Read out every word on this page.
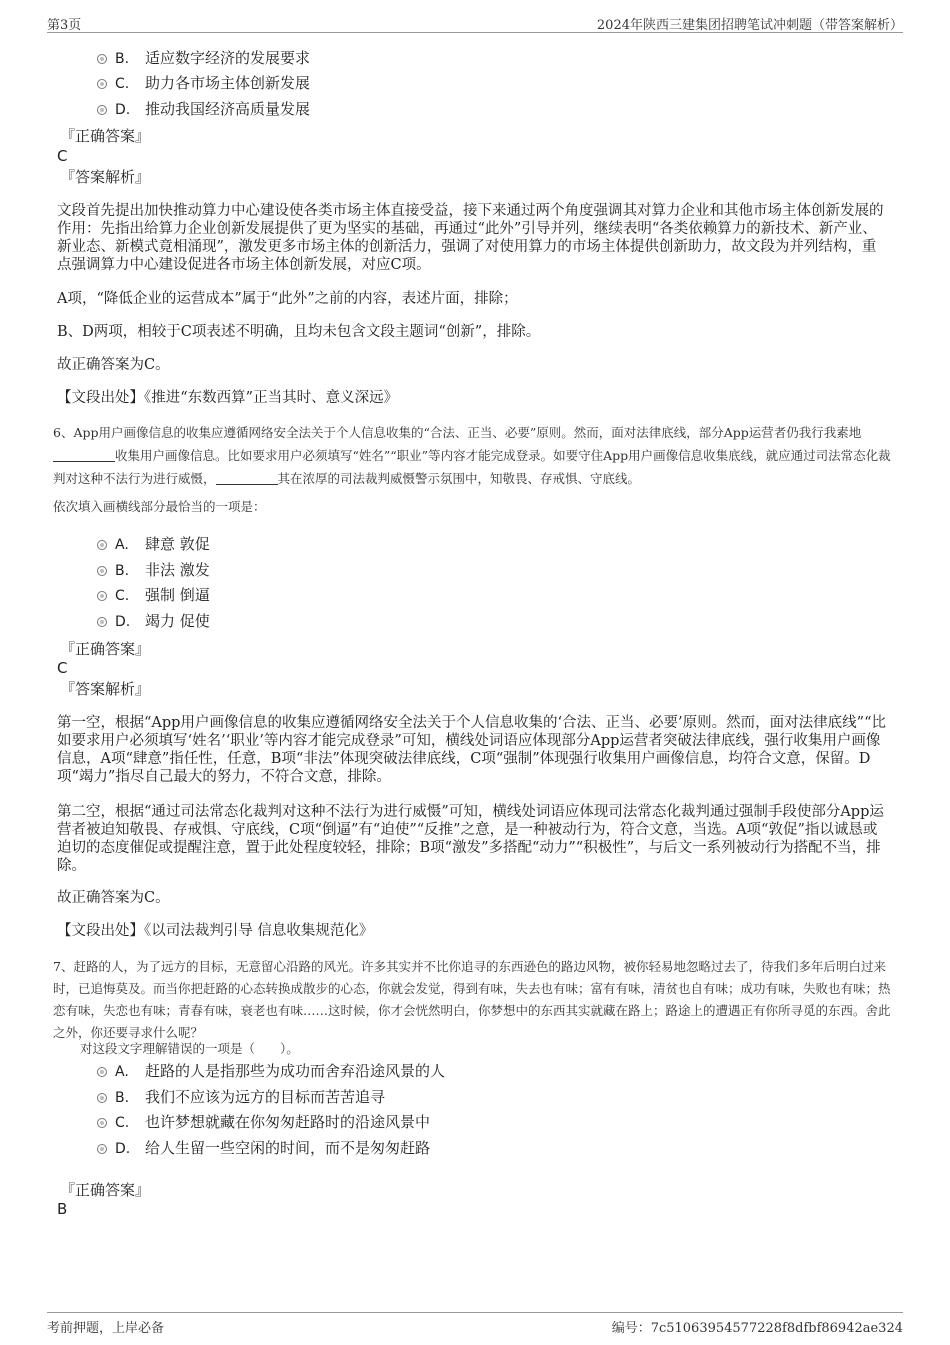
第3页	2024年陕西三建集团招聘笔试冲刺题（带答案解析）
B. 适应数字经济的发展要求
C. 助力各市场主体创新发展
D. 推动我国经济高质量发展
『正确答案』
C
『答案解析』
文段首先提出加快推动算力中心建设使各类市场主体直接受益，接下来通过两个角度强调其对算力企业和其他市场主体创新发展的作用：先指出给算力企业创新发展提供了更为坚实的基础，再通过“此外”引导并列，继续表明“各类依赖算力的新技术、新产业、新业态、新模式竟相涌现”，激发更多市场主体的创新活力，强调了对使用算力的市场主体提供创新助力，故文段为并列结构，重点强调算力中心建设促进各市场主体创新发展，对应C项。
A项，“降低企业的运营成本”属于“此外”之前的内容，表述片面，排除；
B、D两项，相较于C项表述不明确，且均未包含文段主题词“创新”，排除。
故正确答案为C。
【文段出处】《推进“东数西算”正当其时、意义深远》
6、App用户画像信息的收集应遵循网络安全法关于个人信息收集的“合法、正当、必要”原则。然而，面对法律底线，部分App运营者仍我行我素地收集用户画像信息。比如要求用户必须填写“姓名”“职业”等内容才能完成登录。如要守住App用户画像信息收集底线，就应通过司法常态化裁判对这种不法行为进行威慑，	其在浓厚的司法裁判威慑警示氛围中，知敬畏、存戒惧、守底线。
依次填入画横线部分最恰当的一项是：
A. 肆意 敦促
B. 非法 激发
C. 强制 倒逼
D. 竭力 促使
『正确答案』
C
『答案解析』
第一空，根据“App用户画像信息的收集应遵循网络安全法关于个人信息收集的‘合法、正当、必要’原则。然而，面对法律底线”“比如要求用户必须填写‘姓名’‘职业’等内容才能完成登录”可知，横线处词语应体现部分App运营者突破法律底线，强行收集用户画像信息，A项“肆意”指任性，任意，B项“非法”体现突破法律底线，C项“强制”体现强行收集用户画像信息，均符合文意，保留。D项“竭力”指尽自己最大的努力，不符合文意，排除。
第二空，根据“通过司法常态化裁判对这种不法行为进行威慑”可知，横线处词语应体现司法常态化裁判通过强制手段使部分App运营者被迫知敬畏、存戒惧、守底线，C项“倒逼”有“迫使”“反推”之意，是一种被动行为，符合文意，当选。A项“敦促”指以诚恳或迫切的态度催促或提醒注意，置于此处程度较轻，排除；B项“激发”多搭配“动力”“积极性”，与后文一系列被动行为搭配不当，排除。
故正确答案为C。
【文段出处】《以司法裁判引导 信息收集规范化》
7、赶路的人，为了远方的目标，无意留心沿路的风光。许多其实并不比你追寻的东西逊色的路边风物，被你轻易地忽略过去了，待我们多年后明白过来时，已追悔莫及。而当你把赶路的心态转换成散步的心态，你就会发觉，得到有味，失去也有味；富有有味，清贫也自有味；成功有味，失败也有味；热恋有味，失恋也有味；青春有味，衰老也有味……这时候，你才会恍然明白，你梦想中的东西其实就藏在路上；路途上的遭遇正有你所寻觅的东西。舍此之外，你还要寻求什么呢？
对这段文字理解错误的一项是（　　）。
A. 赶路的人是指那些为成功而舍弃沿途风景的人
B. 我们不应该为远方的目标而苦苦追寻
C. 也许梦想就藏在你匆匆赶路时的沿途风景中
D. 给人生留一些空闲的时间，而不是匆匆赶路
『正确答案』
B
考前押题，上岸必备	编号：7c51063954577228f8dfbf86942ae324
